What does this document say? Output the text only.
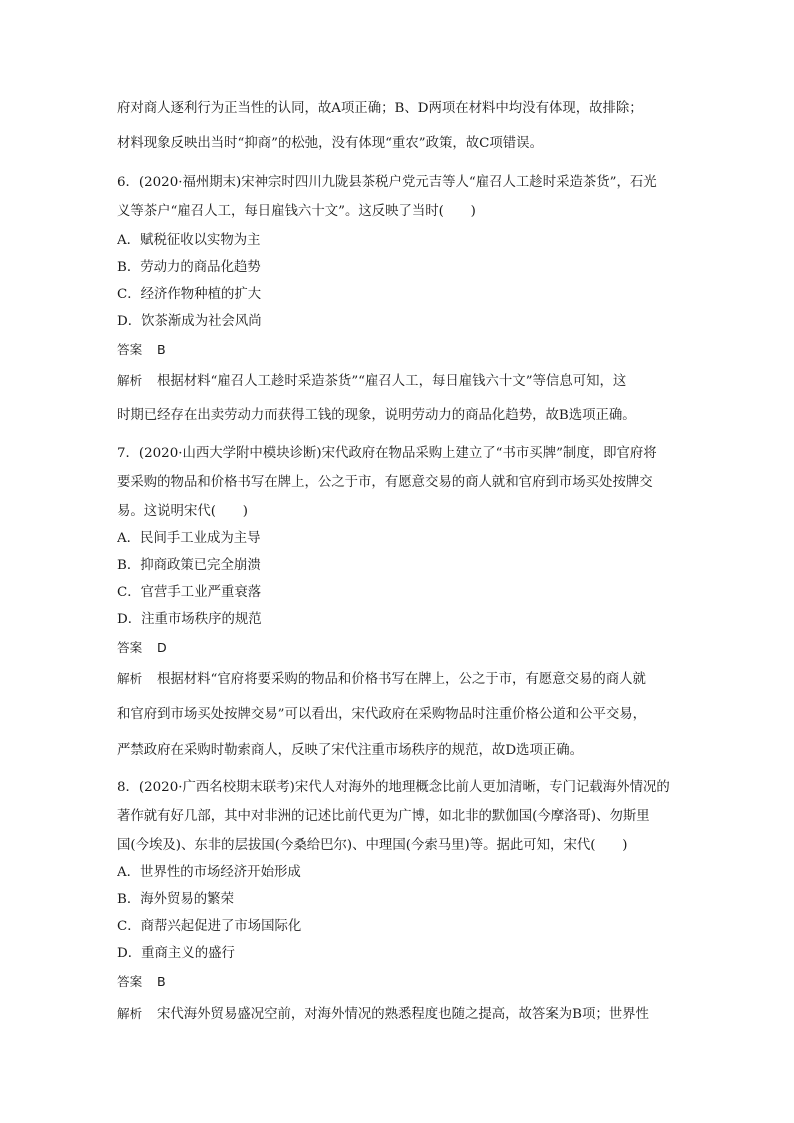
府对商人逐利行为正当性的认同，故A项正确；B、D两项在材料中均没有体现，故排除；
材料现象反映出当时“抑商”的松弛，没有体现“重农”政策，故C项错误。
6．(2020·福州期末)宋神宗时四川九陇县茶税户党元吉等人“雇召人工趁时采造茶货”，石光
义等茶户“雇召人工，每日雇钱六十文”。这反映了当时(　　)
A．赋税征收以实物为主
B．劳动力的商品化趋势
C．经济作物种植的扩大
D．饮茶渐成为社会风尚
答案 B
解析 根据材料“雇召人工趁时采造茶货”“雇召人工，每日雇钱六十文”等信息可知，这
时期已经存在出卖劳动力而获得工钱的现象，说明劳动力的商品化趋势，故B选项正确。
7．(2020·山西大学附中模块诊断)宋代政府在物品采购上建立了“书市买牌”制度，即官府将
要采购的物品和价格书写在牌上，公之于市，有愿意交易的商人就和官府到市场买处按牌交
易。这说明宋代(　　)
A．民间手工业成为主导
B．抑商政策已完全崩溃
C．官营手工业严重衰落
D．注重市场秩序的规范
答案 D
解析 根据材料“官府将要采购的物品和价格书写在牌上，公之于市，有愿意交易的商人就
和官府到市场买处按牌交易”可以看出，宋代政府在采购物品时注重价格公道和公平交易，
严禁政府在采购时勒索商人，反映了宋代注重市场秩序的规范，故D选项正确。
8．(2020·广西名校期末联考)宋代人对海外的地理概念比前人更加清晰，专门记载海外情况的
著作就有好几部，其中对非洲的记述比前代更为广博，如北非的默伽国(今摩洛哥)、勿斯里
国(今埃及)、东非的层拔国(今桑给巴尔)、中理国(今索马里)等。据此可知，宋代(　　)
A．世界性的市场经济开始形成
B．海外贸易的繁荣
C．商帮兴起促进了市场国际化
D．重商主义的盛行
答案 B
解析 宋代海外贸易盛况空前，对海外情况的熟悉程度也随之提高，故答案为B项；世界性
